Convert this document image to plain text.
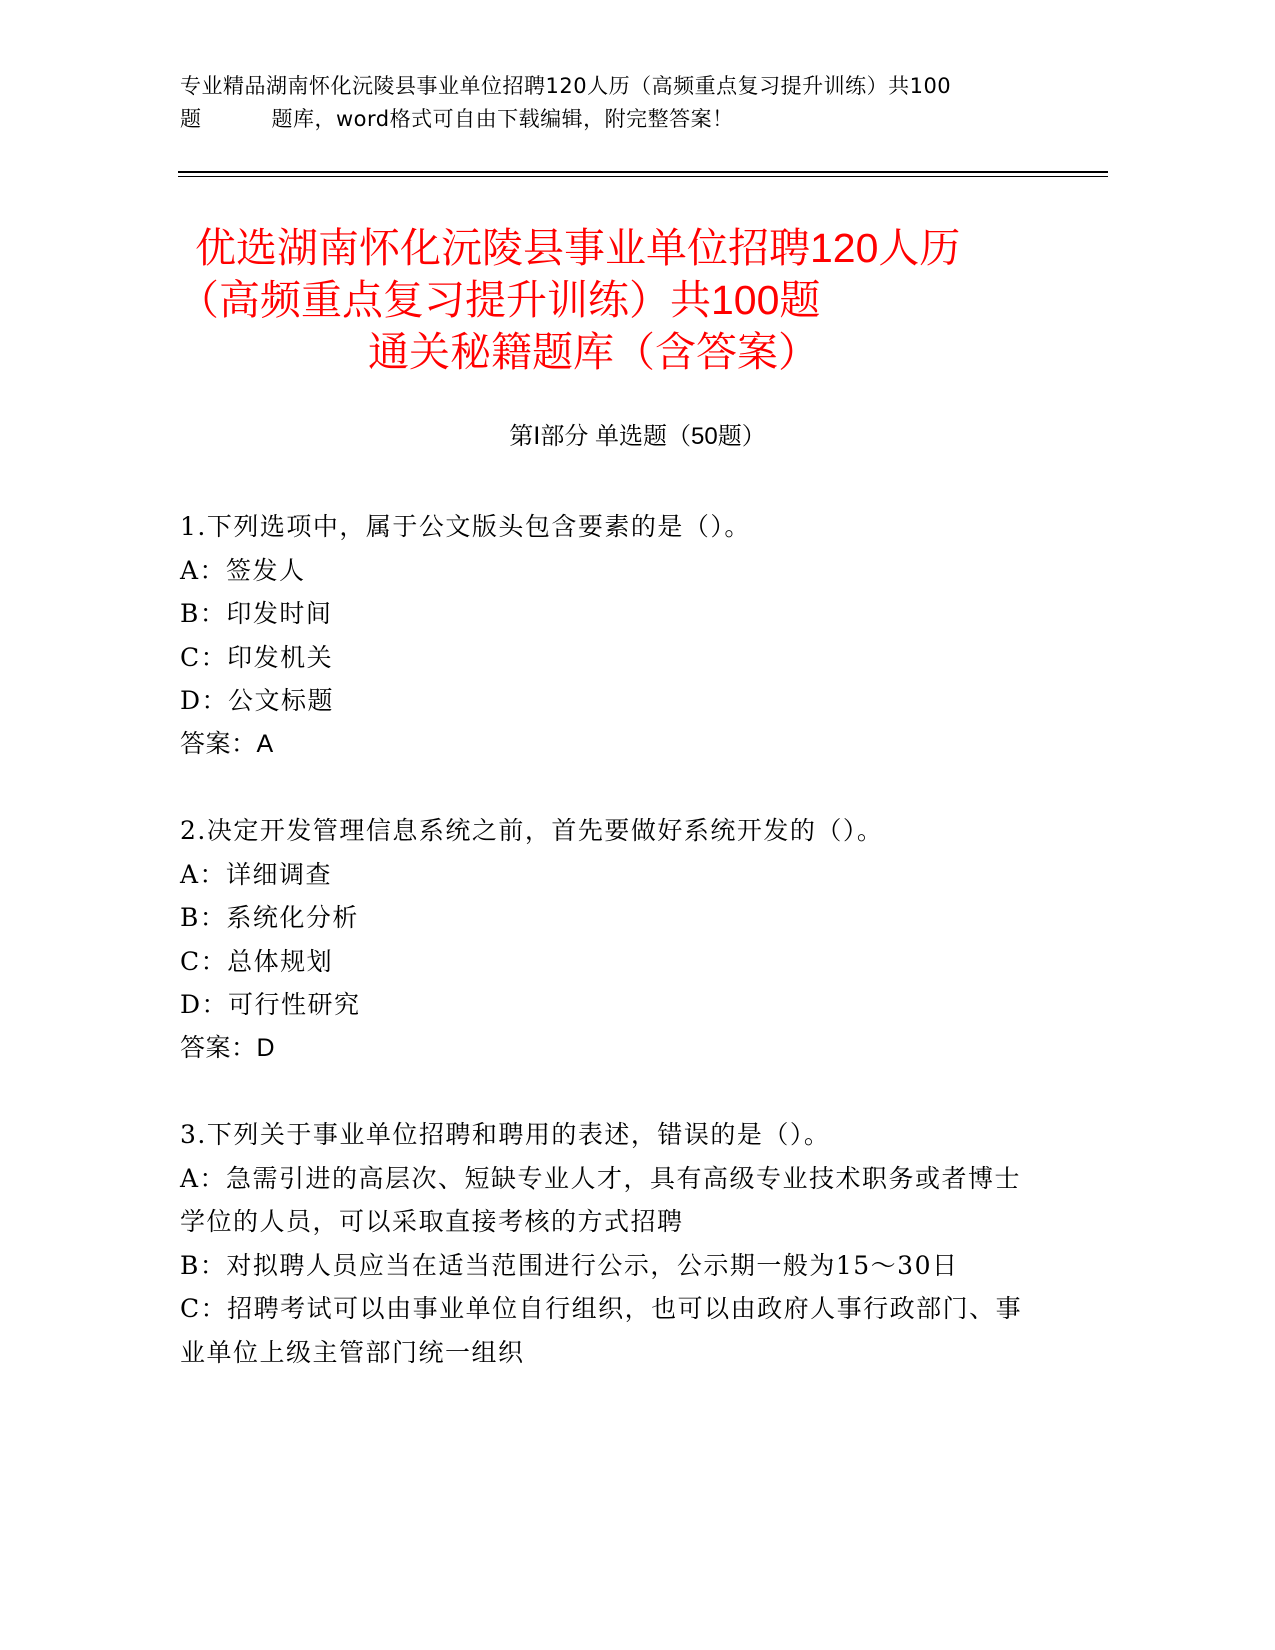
专业精品湖南怀化沅陵县事业单位招聘120人历（高频重点复习提升训练）共100
题	题库，word格式可自由下载编辑，附完整答案！
优选湖南怀化沅陵县事业单位招聘120人历
（高频重点复习提升训练）共100题
通关秘籍题库（含答案）
第Ⅰ部分 单选题（50题）

1.下列选项中，属于公文版头包含要素的是（）。

A：签发人

B：印发时间

C：印发机关

D：公文标题

答案：A

2.决定开发管理信息系统之前，首先要做好系统开发的（）。

A：详细调查

B：系统化分析

C：总体规划

D：可行性研究

答案：D

3.下列关于事业单位招聘和聘用的表述，错误的是（）。

A：急需引进的高层次、短缺专业人才，具有高级专业技术职务或者博士学位的人员，可以采取直接考核的方式招聘

B：对拟聘人员应当在适当范围进行公示，公示期一般为15～30日

C：招聘考试可以由事业单位自行组织，也可以由政府人事行政部门、事业单位上级主管部门统一组织
